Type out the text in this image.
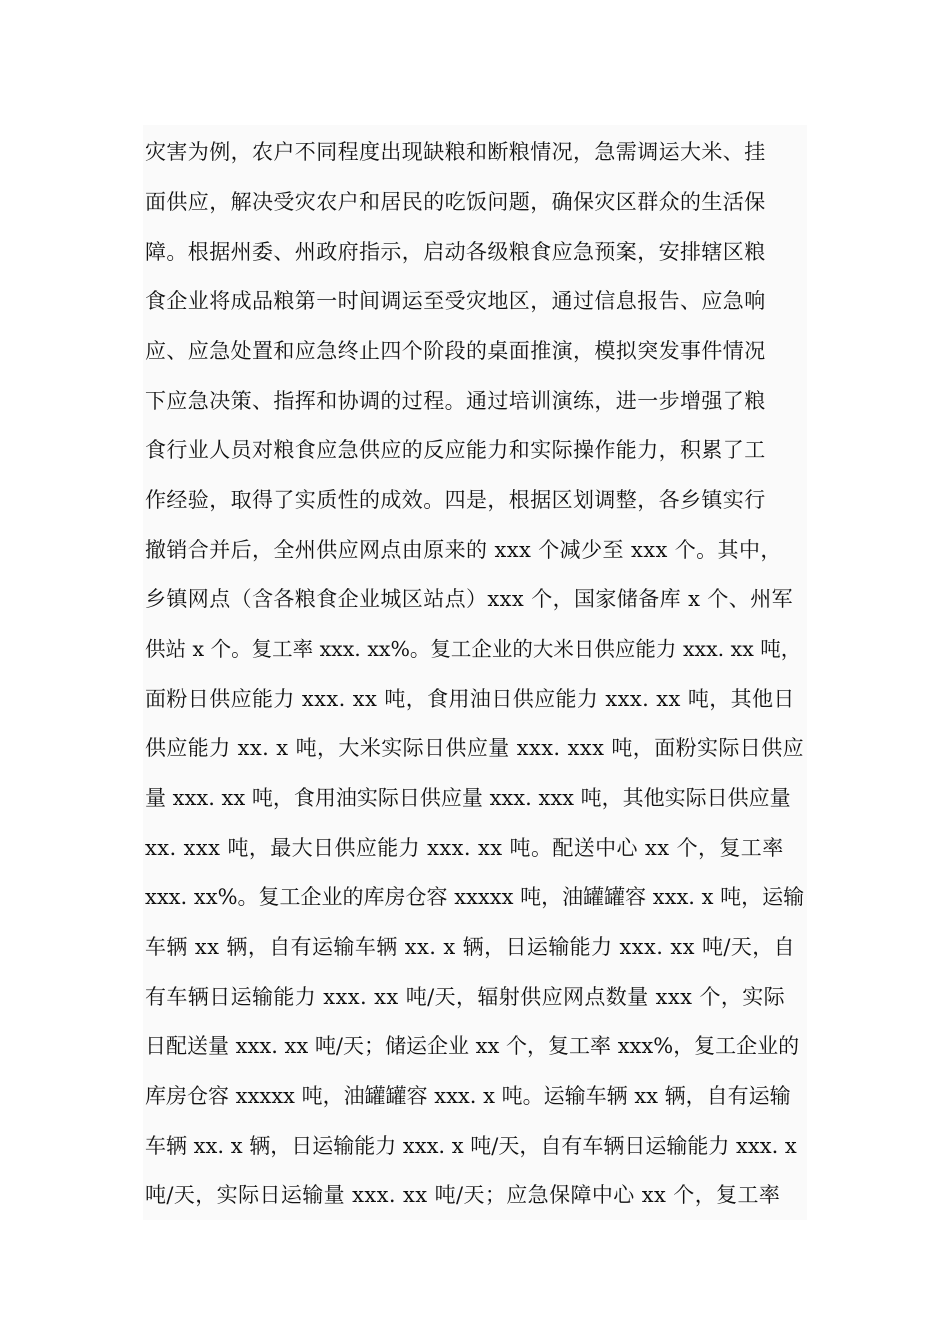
灾害为例，农户不同程度出现缺粮和断粮情况，急需调运大米、挂
面供应，解决受灾农户和居民的吃饭问题，确保灾区群众的生活保
障。根据州委、州政府指示，启动各级粮食应急预案，安排辖区粮
食企业将成品粮第一时间调运至受灾地区，通过信息报告、应急响
应、应急处置和应急终止四个阶段的桌面推演，模拟突发事件情况
下应急决策、指挥和协调的过程。通过培训演练，进一步增强了粮
食行业人员对粮食应急供应的反应能力和实际操作能力，积累了工
作经验，取得了实质性的成效。四是，根据区划调整，各乡镇实行
撤销合并后，全州供应网点由原来的 xxx 个减少至 xxx 个。其中，
乡镇网点（含各粮食企业城区站点）xxx 个，国家储备库 x 个、州军
供站 x 个。复工率 xxx. xx%。复工企业的大米日供应能力 xxx. xx 吨，
面粉日供应能力 xxx. xx 吨，食用油日供应能力 xxx. xx 吨，其他日
供应能力 xx. x 吨，大米实际日供应量 xxx. xxx 吨，面粉实际日供应
量 xxx. xx 吨，食用油实际日供应量 xxx. xxx 吨，其他实际日供应量
xx. xxx 吨，最大日供应能力 xxx. xx 吨。配送中心 xx 个，复工率
xxx. xx%。复工企业的库房仓容 xxxxx 吨，油罐罐容 xxx. x 吨，运输
车辆 xx 辆，自有运输车辆 xx. x 辆，日运输能力 xxx. xx 吨/天，自
有车辆日运输能力 xxx. xx 吨/天，辐射供应网点数量 xxx 个，实际
日配送量 xxx. xx 吨/天；储运企业 xx 个，复工率 xxx%，复工企业的
库房仓容 xxxxx 吨，油罐罐容 xxx. x 吨。运输车辆 xx 辆，自有运输
车辆 xx. x 辆，日运输能力 xxx. x 吨/天，自有车辆日运输能力 xxx. x
吨/天，实际日运输量 xxx. xx 吨/天；应急保障中心 xx 个，复工率
